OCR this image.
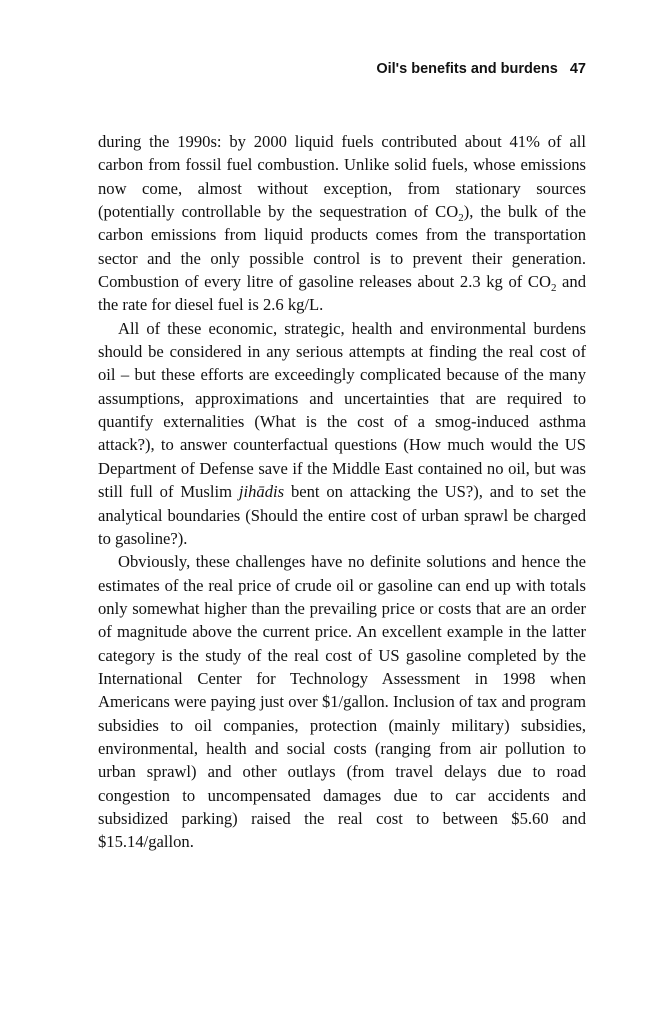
Oil's benefits and burdens 47

during the 1990s: by 2000 liquid fuels contributed about 41% of all carbon from fossil fuel combustion. Unlike solid fuels, whose emissions now come, almost without exception, from stationary sources (potentially controllable by the sequestration of $CO_2$), the bulk of the carbon emissions from liquid products comes from the transportation sector and the only possible control is to prevent their generation. Combustion of every litre of gasoline releases about 2.3 kg of $CO_2$ and the rate for diesel fuel is 2.6 kg/L.

All of these economic, strategic, health and environmental burdens should be considered in any serious attempts at finding the real cost of oil – but these efforts are exceedingly complicated because of the many assumptions, approximations and uncertainties that are required to quantify externalities (What is the cost of a smog-induced asthma attack?), to answer counterfactual questions (How much would the US Department of Defense save if the Middle East contained no oil, but was still full of Muslim jihādis bent on attacking the US?), and to set the analytical boundaries (Should the entire cost of urban sprawl be charged to gasoline?).

Obviously, these challenges have no definite solutions and hence the estimates of the real price of crude oil or gasoline can end up with totals only somewhat higher than the prevailing price or costs that are an order of magnitude above the current price. An excellent example in the latter category is the study of the real cost of US gasoline completed by the International Center for Technology Assessment in 1998 when Americans were paying just over $1/gallon. Inclusion of tax and program subsidies to oil companies, protection (mainly military) subsidies, environmental, health and social costs (ranging from air pollution to urban sprawl) and other outlays (from travel delays due to road congestion to uncompensated damages due to car accidents and subsidized parking) raised the real cost to between $5.60 and $15.14/gallon.
